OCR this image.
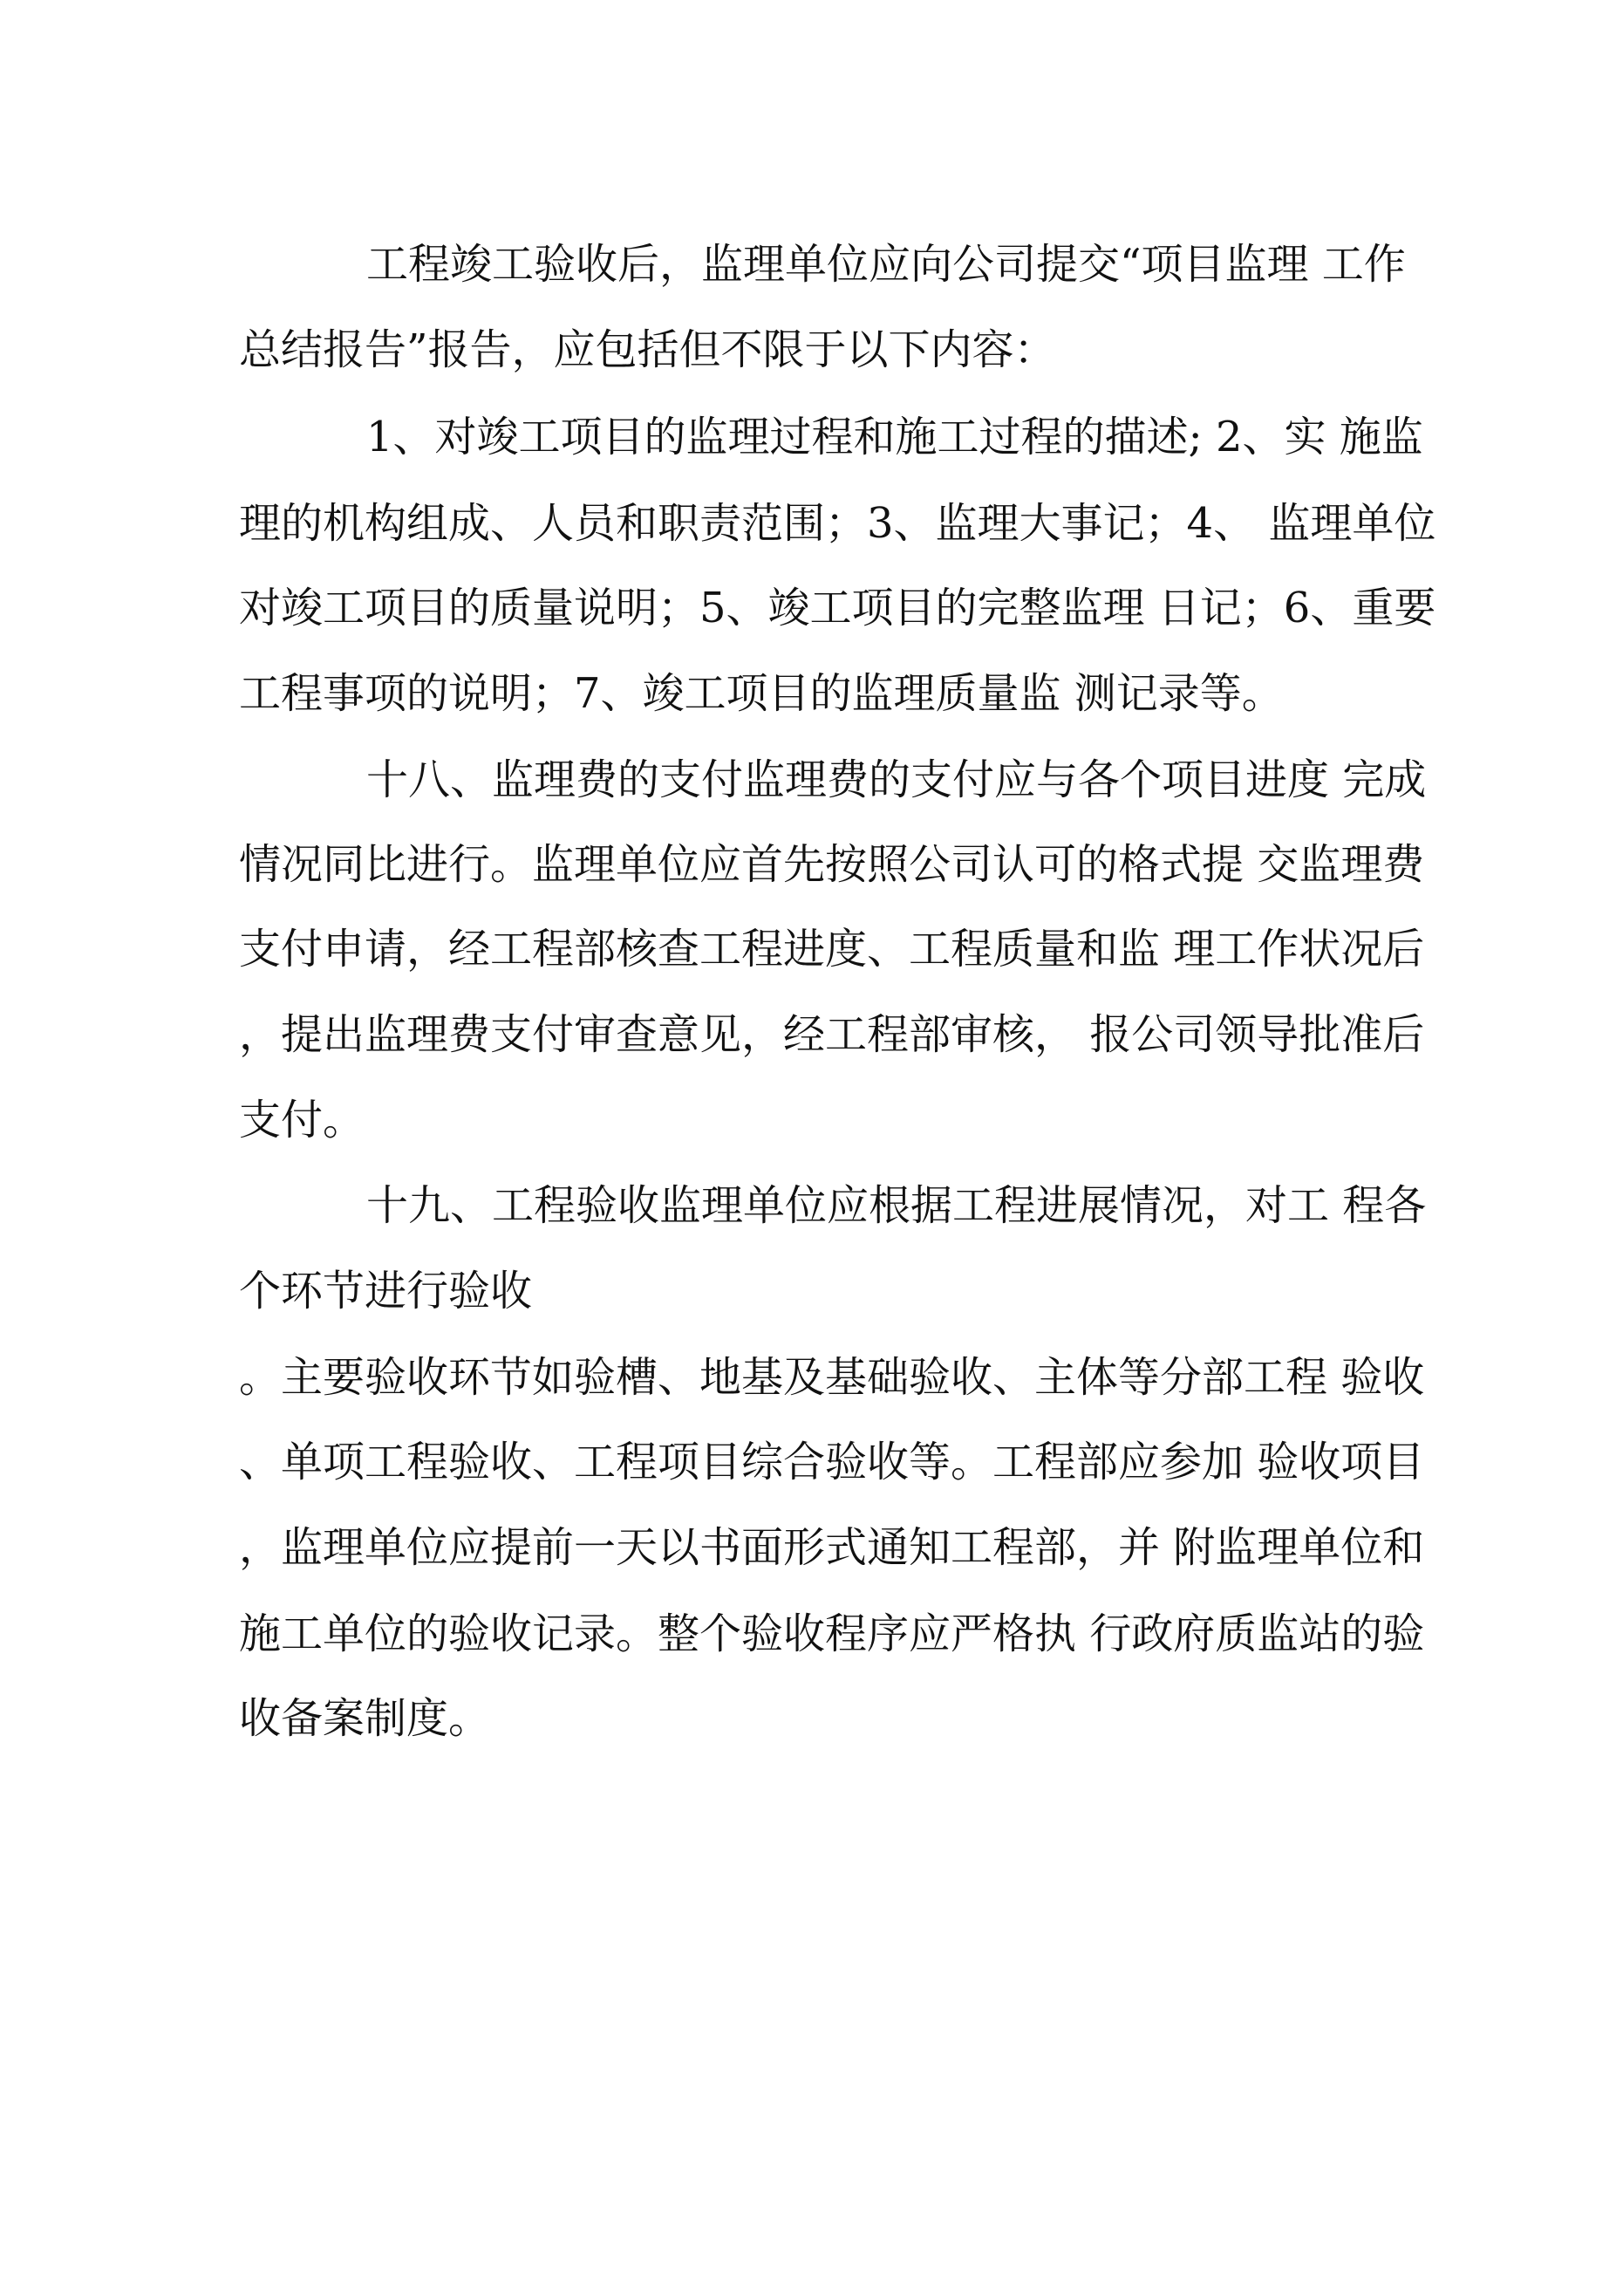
工程竣工验收后，监理单位应向公司提交“项目监理 工作
总结报告”报告，应包括但不限于以下内容：
1、对竣工项目的监理过程和施工过程的描述; 2、实 施监
理的机构组成、人员和职责范围；3、监理大事记；4、 监理单位
对竣工项目的质量说明；5、竣工项目的完整监理 日记；6、重要
工程事项的说明；7、竣工项目的监理质量监 测记录等。
十八、监理费的支付监理费的支付应与各个项目进度 完成
情况同比进行。监理单位应首先按照公司认可的格式提 交监理费
支付申请，经工程部核查工程进度、工程质量和监 理工作状况后
，提出监理费支付审查意见，经工程部审核， 报公司领导批准后
支付。
十九、工程验收监理单位应根据工程进展情况，对工 程各
个环节进行验收
。主要验收环节如验槽、地基及基础验收、主体等分部工程 验收
、单项工程验收、工程项目综合验收等。工程部应参加 验收项目
，监理单位应提前一天以书面形式通知工程部，并 附监理单位和
施工单位的验收记录。整个验收程序应严格执 行政府质监站的验
收备案制度。
